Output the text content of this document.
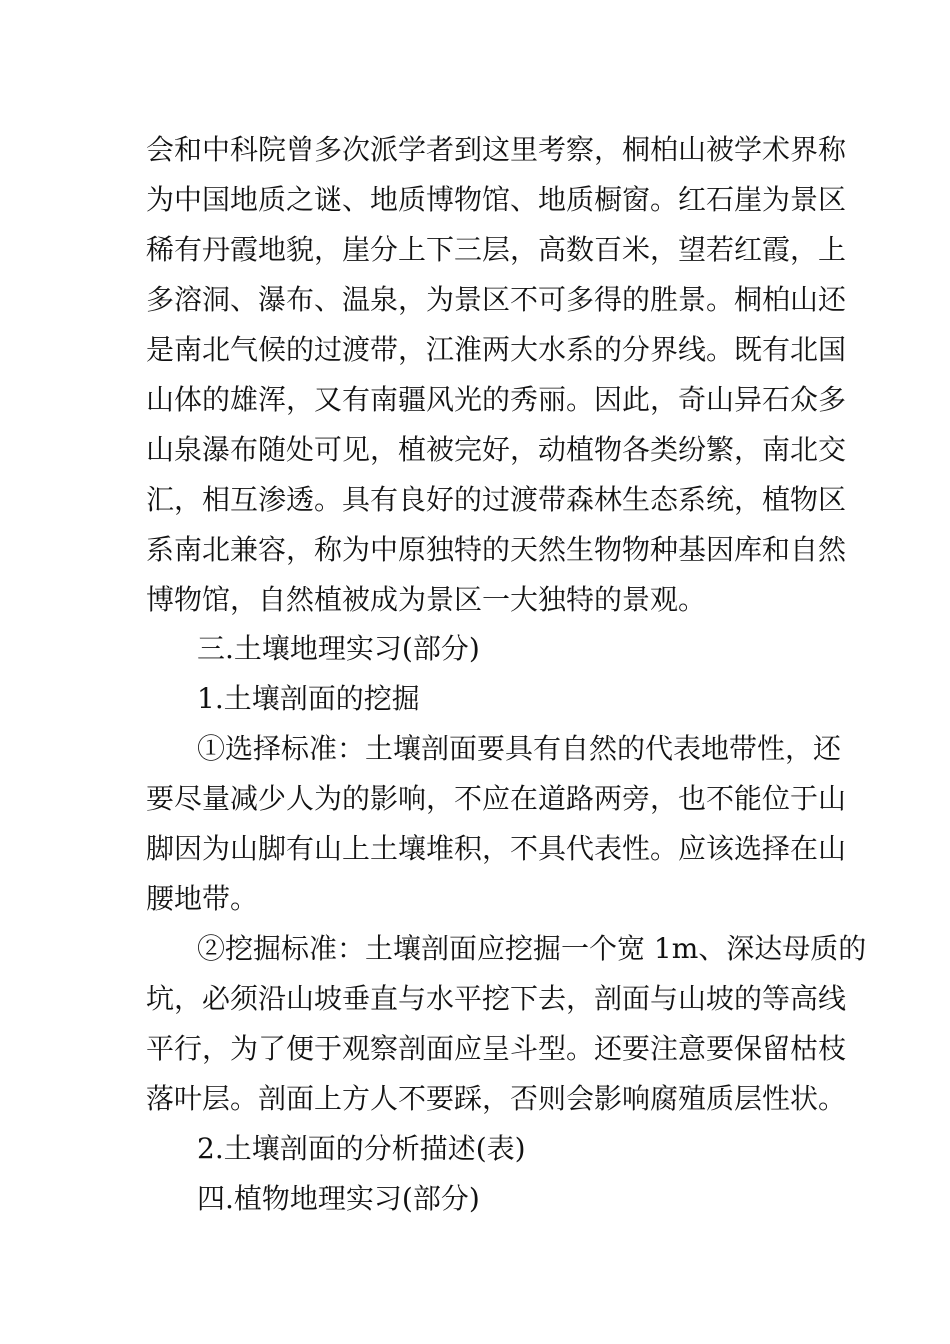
会和中科院曾多次派学者到这里考察，桐柏山被学术界称
为中国地质之谜、地质博物馆、地质橱窗。红石崖为景区
稀有丹霞地貌，崖分上下三层，高数百米，望若红霞，上
多溶洞、瀑布、温泉，为景区不可多得的胜景。桐柏山还
是南北气候的过渡带，江淮两大水系的分界线。既有北国
山体的雄浑，又有南疆风光的秀丽。因此，奇山异石众多
山泉瀑布随处可见，植被完好，动植物各类纷繁，南北交
汇，相互渗透。具有良好的过渡带森林生态系统，植物区
系南北兼容，称为中原独特的天然生物物种基因库和自然
博物馆，自然植被成为景区一大独特的景观。
三.土壤地理实习(部分)
1.土壤剖面的挖掘
①选择标准：土壤剖面要具有自然的代表地带性，还
要尽量减少人为的影响，不应在道路两旁，也不能位于山
脚因为山脚有山上土壤堆积，不具代表性。应该选择在山
腰地带。
②挖掘标准：土壤剖面应挖掘一个宽 1m、深达母质的
坑，必须沿山坡垂直与水平挖下去，剖面与山坡的等高线
平行，为了便于观察剖面应呈斗型。还要注意要保留枯枝
落叶层。剖面上方人不要踩，否则会影响腐殖质层性状。
2.土壤剖面的分析描述(表)
四.植物地理实习(部分)
